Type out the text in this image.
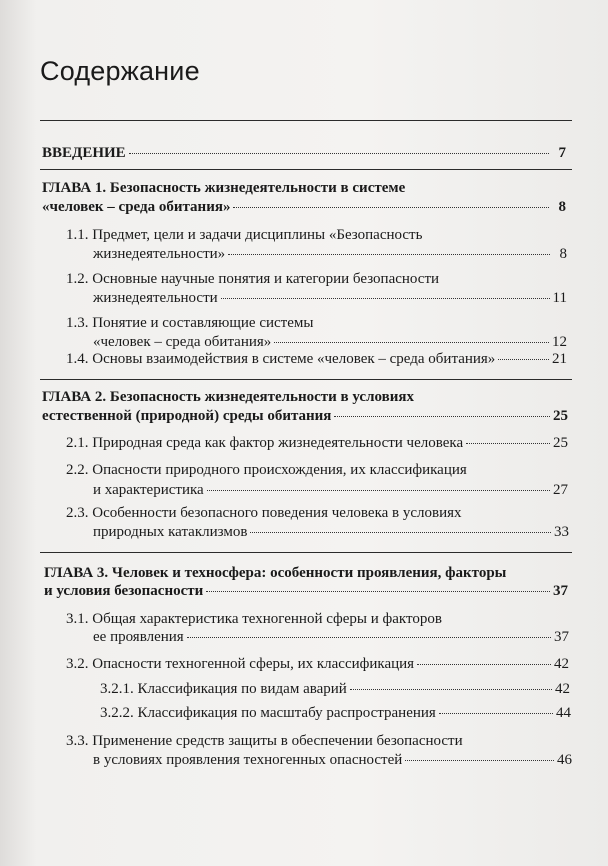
Содержание
ВВЕДЕНИЕ	7
ГЛАВА 1. Безопасность жизнедеятельности в системе
«человек – среда обитания»	8
1.1. Предмет, цели и задачи дисциплины «Безопасность
жизнедеятельности»	8
1.2. Основные научные понятия и категории безопасности
жизнедеятельности	11
1.3. Понятие и составляющие системы
«человек – среда обитания»	12
1.4. Основы взаимодействия в системе «человек – среда обитания»	21
ГЛАВА 2. Безопасность жизнедеятельности в условиях
естественной (природной) среды обитания	25
2.1. Природная среда как фактор жизнедеятельности человека	25
2.2. Опасности природного происхождения, их классификация
и характеристика	27
2.3. Особенности безопасного поведения человека в условиях
природных катаклизмов	33
ГЛАВА 3. Человек и техносфера: особенности проявления, факторы
и условия безопасности	37
3.1. Общая характеристика техногенной сферы и факторов
ее проявления	37
3.2. Опасности техногенной сферы, их классификация	42
3.2.1. Классификация по видам аварий	42
3.2.2. Классификация по масштабу распространения	44
3.3. Применение средств защиты в обеспечении безопасности
в условиях проявления техногенных опасностей	46
